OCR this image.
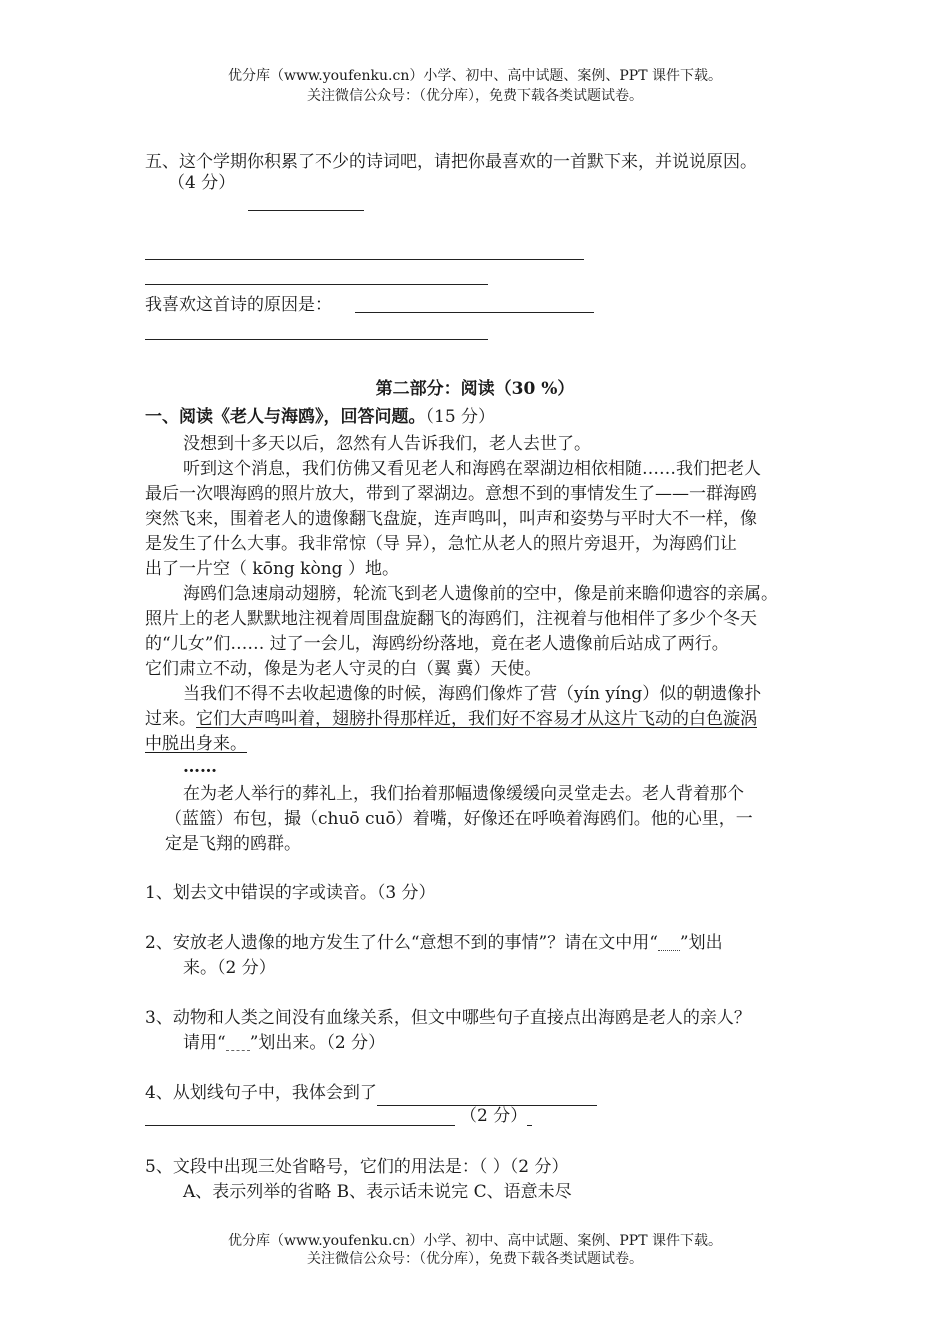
优分库（www.youfenku.cn）小学、初中、高中试题、案例、PPT 课件下载。
关注微信公众号：（优分库），免费下载各类试题试卷。
五、这个学期你积累了不少的诗词吧，请把你最喜欢的一首默下来，并说说原因。
（4 分）
我喜欢这首诗的原因是：
第二部分：阅读（30 %）
一、阅读《老人与海鸥》，回答问题。（15 分）
没想到十多天以后，忽然有人告诉我们，老人去世了。
听到这个消息，我们仿佛又看见老人和海鸥在翠湖边相依相随……我们把老人
最后一次喂海鸥的照片放大，带到了翠湖边。意想不到的事情发生了——一群海鸥
突然飞来，围着老人的遗像翻飞盘旋，连声鸣叫，叫声和姿势与平时大不一样，像
是发生了什么大事。我非常惊（导 异），急忙从老人的照片旁退开，为海鸥们让
出了一片空（ kōng kòng ）地。
海鸥们急速扇动翅膀，轮流飞到老人遗像前的空中，像是前来瞻仰遗容的亲属。
照片上的老人默默地注视着周围盘旋翻飞的海鸥们，注视着与他相伴了多少个冬天
的“儿女”们…… 过了一会儿，海鸥纷纷落地，竟在老人遗像前后站成了两行。
它们肃立不动，像是为老人守灵的白（翼 冀）天使。
当我们不得不去收起遗像的时候，海鸥们像炸了营（yín yíng）似的朝遗像扑
过来。它们大声鸣叫着，翅膀扑得那样近，我们好不容易才从这片飞动的白色漩涡
中脱出身来。
……
在为老人举行的葬礼上，我们抬着那幅遗像缓缓向灵堂走去。老人背着那个
（蓝篮）布包，撮（chuō cuō）着嘴，好像还在呼唤着海鸥们。他的心里，一
定是飞翔的鸥群。
1、划去文中错误的字或读音。（3 分）
2、安放老人遗像的地方发生了什么“意想不到的事情”？请在文中用“ ”划出
来。（2 分）
3、动物和人类之间没有血缘关系，但文中哪些句子直接点出海鸥是老人的亲人？
请用“ ”划出来。（2 分）
4、从划线句子中，我体会到了
（2 分）
5、文段中出现三处省略号，它们的用法是：（ ）（2 分）
A、表示列举的省略 B、表示话未说完 C、语意未尽
优分库（www.youfenku.cn）小学、初中、高中试题、案例、PPT 课件下载。
关注微信公众号：（优分库），免费下载各类试题试卷。
